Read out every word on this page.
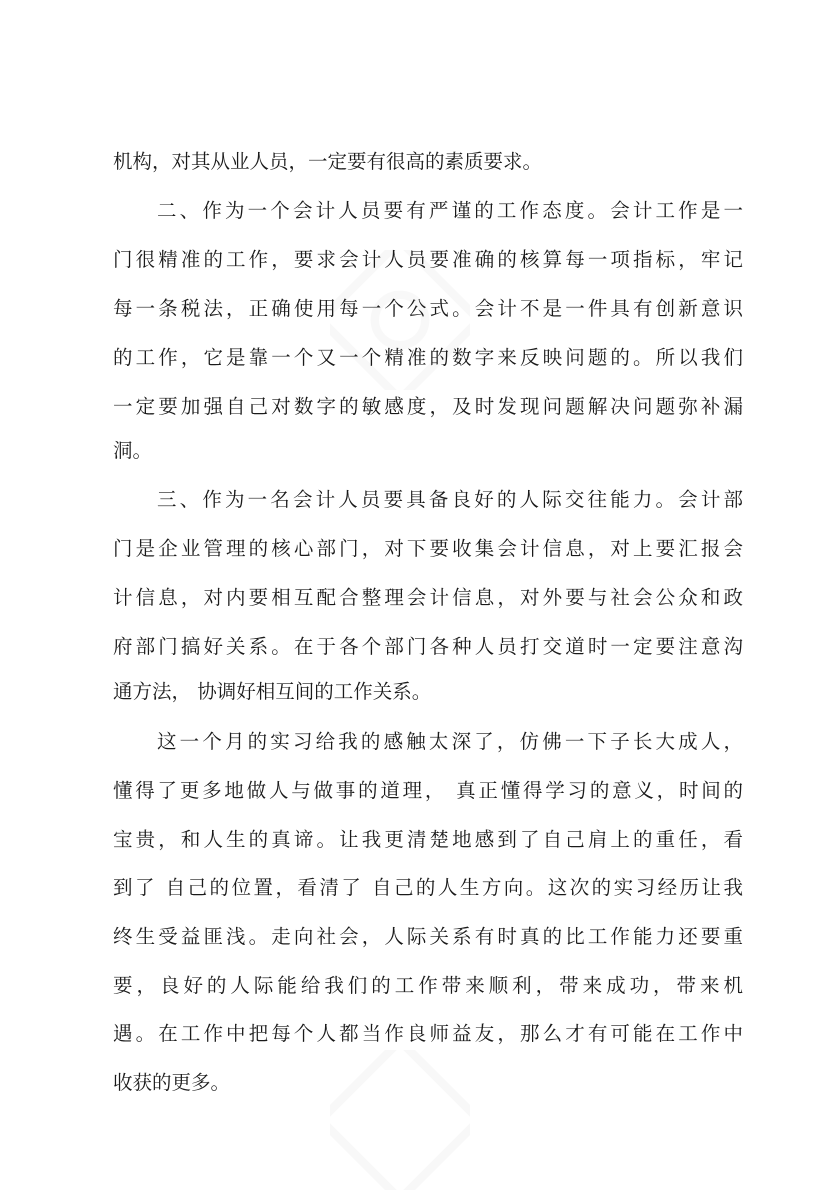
机构，对其从业人员，一定要有很高的素质要求。
二、作为一个会计人员要有严谨的工作态度。会计工作是一
门很精准的工作，要求会计人员要准确的核算每一项指标，牢记
每一条税法，正确使用每一个公式。会计不是一件具有创新意识
的工作，它是靠一个又一个精准的数字来反映问题的。所以我们
一定要加强自己对数字的敏感度，及时发现问题解决问题弥补漏
洞。
三、作为一名会计人员要具备良好的人际交往能力。会计部
门是企业管理的核心部门，对下要收集会计信息，对上要汇报会
计信息，对内要相互配合整理会计信息，对外要与社会公众和政
府部门搞好关系。在于各个部门各种人员打交道时一定要注意沟
通方法， 协调好相互间的工作关系。
这一个月的实习给我的感触太深了，仿佛一下子长大成人，
懂得了更多地做人与做事的道理， 真正懂得学习的意义，时间的
宝贵，和人生的真谛。让我更清楚地感到了自己肩上的重任，看
到了 自己的位置，看清了 自己的人生方向。这次的实习经历让我
终生受益匪浅。走向社会，人际关系有时真的比工作能力还要重
要，良好的人际能给我们的工作带来顺利，带来成功，带来机
遇。在工作中把每个人都当作良师益友，那么才有可能在工作中
收获的更多。
